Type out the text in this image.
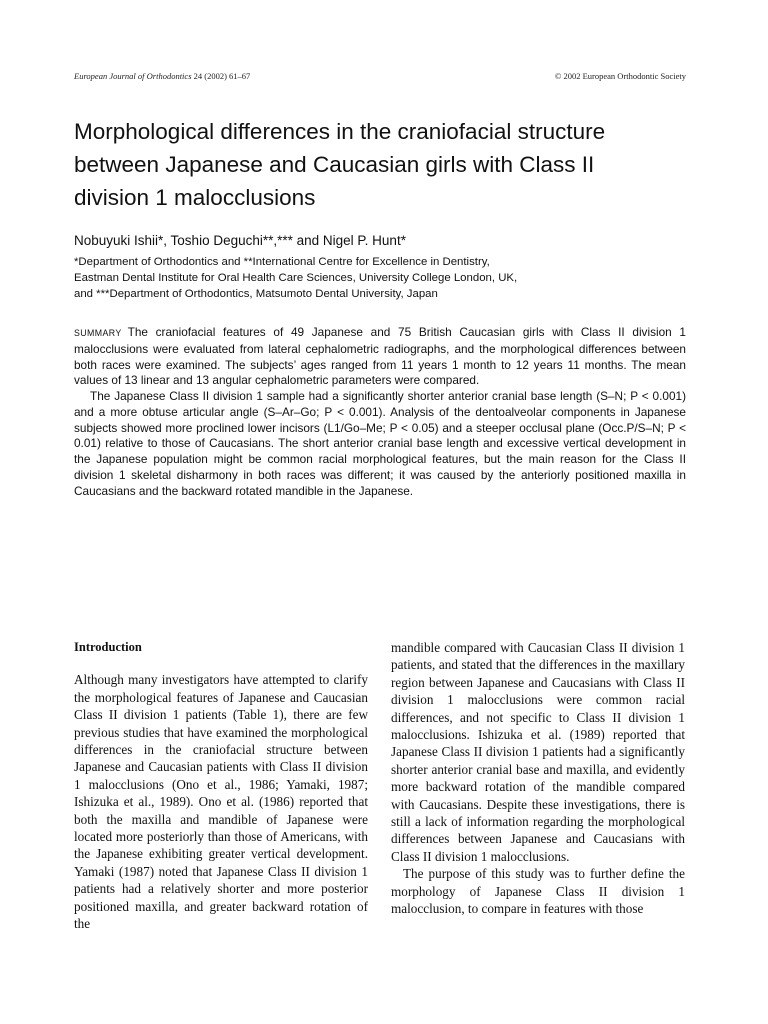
European Journal of Orthodontics 24 (2002) 61–67	© 2002 European Orthodontic Society
Morphological differences in the craniofacial structure
between Japanese and Caucasian girls with Class II
division 1 malocclusions
Nobuyuki Ishii*, Toshio Deguchi**,*** and Nigel P. Hunt*
*Department of Orthodontics and **International Centre for Excellence in Dentistry,
Eastman Dental Institute for Oral Health Care Sciences, University College London, UK,
and ***Department of Orthodontics, Matsumoto Dental University, Japan

SUMMARY The craniofacial features of 49 Japanese and 75 British Caucasian girls with Class II division 1 malocclusions were evaluated from lateral cephalometric radiographs, and the morphological differences between both races were examined. The subjects’ ages ranged from 11 years 1 month to 12 years 11 months. The mean values of 13 linear and 13 angular cephalometric parameters were compared.

The Japanese Class II division 1 sample had a significantly shorter anterior cranial base length (S–N; P < 0.001) and a more obtuse articular angle (S–Ar–Go; P < 0.001). Analysis of the dentoalveolar components in Japanese subjects showed more proclined lower incisors (L1/Go–Me; P < 0.05) and a steeper occlusal plane (Occ.P/S–N; P < 0.01) relative to those of Caucasians. The short anterior cranial base length and excessive vertical development in the Japanese population might be common racial morphological features, but the main reason for the Class II division 1 skeletal disharmony in both races was different; it was caused by the anteriorly positioned maxilla in Caucasians and the backward rotated mandible in the Japanese.

Introduction

Although many investigators have attempted to clarify the morphological features of Japanese and Caucasian Class II division 1 patients (Table 1), there are few previous studies that have examined the morphological differences in the craniofacial structure between Japanese and Caucasian patients with Class II division 1 malocclusions (Ono et al., 1986; Yamaki, 1987; Ishizuka et al., 1989). Ono et al. (1986) reported that both the maxilla and mandible of Japanese were located more posteriorly than those of Americans, with the Japanese exhibiting greater vertical development. Yamaki (1987) noted that Japanese Class II division 1 patients had a relatively shorter and more posterior positioned maxilla, and greater backward rotation of the

mandible compared with Caucasian Class II division 1 patients, and stated that the differences in the maxillary region between Japanese and Caucasians with Class II division 1 malocclusions were common racial differences, and not specific to Class II division 1 malocclusions. Ishizuka et al. (1989) reported that Japanese Class II division 1 patients had a significantly shorter anterior cranial base and maxilla, and evidently more backward rotation of the mandible compared with Caucasians. Despite these investigations, there is still a lack of information regarding the morphological differences between Japanese and Caucasians with Class II division 1 malocclusions.

The purpose of this study was to further define the morphology of Japanese Class II division 1 malocclusion, to compare in features with those
